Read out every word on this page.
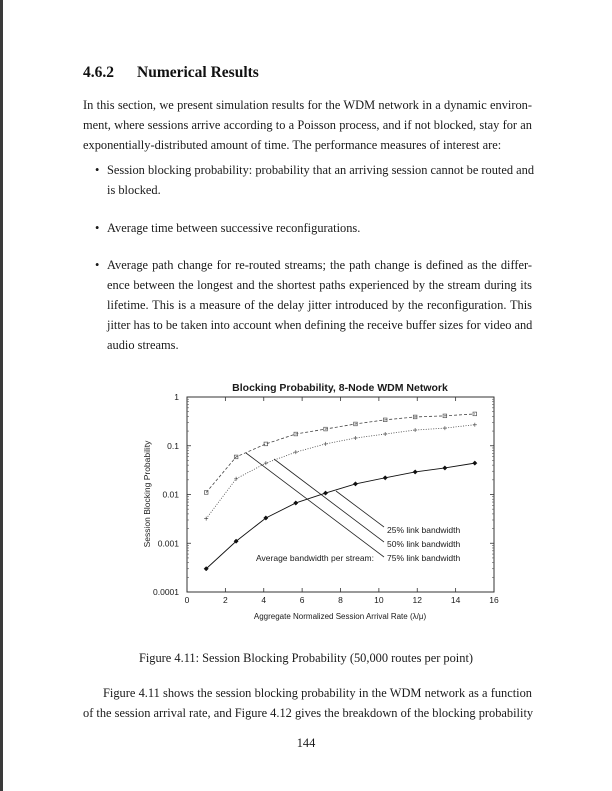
4.6.2 Numerical Results
In this section, we present simulation results for the WDM network in a dynamic environ-
ment, where sessions arrive according to a Poisson process, and if not blocked, stay for an
exponentially-distributed amount of time. The performance measures of interest are:
• Session blocking probability: probability that an arriving session cannot be routed and
is blocked.
• Average time between successive reconfigurations.
• Average path change for re-routed streams; the path change is defined as the differ-
ence between the longest and the shortest paths experienced by the stream during its
lifetime. This is a measure of the delay jitter introduced by the reconfiguration. This
jitter has to be taken into account when defining the receive buffer sizes for video and
audio streams.
Blocking Probability, 8-Node WDM Network
0	2	4	6	8	10	12	14	16
1
0.1
0.01
0.001
0.0001
Aggregate Normalized Session Arrival Rate (λ/μ)
Session Blocking Probability	25% link bandwidth
50% link bandwidth
75% link bandwidth
Average bandwidth per stream:
Figure 4.11: Session Blocking Probability (50,000 routes per point)
Figure 4.11 shows the session blocking probability in the WDM network as a function
of the session arrival rate, and Figure 4.12 gives the breakdown of the blocking probability
144
